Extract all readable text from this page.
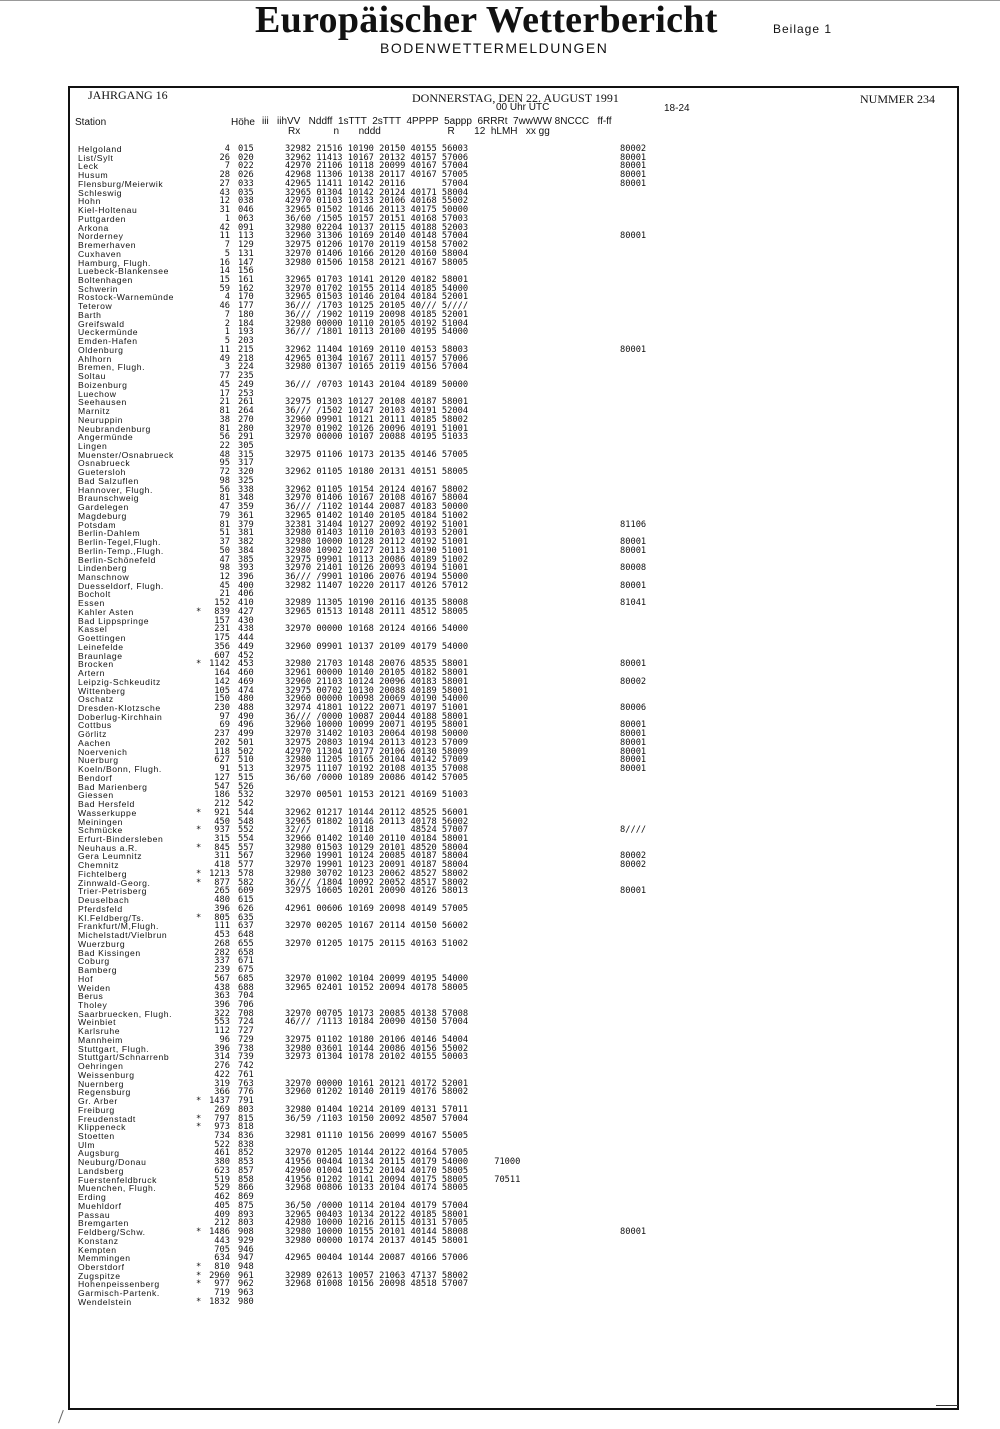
Europäischer Wetterbericht	Beilage 1
BODENWETTERMELDUNGEN
JAHRGANG 16	DONNERSTAG, DEN 22. AUGUST 1991
00 Uhr UTC
NUMMER 234
18-24
Station	Höhe iii   iihVV   Nddff  1sTTT  2sTTT  4PPPP  5appp  6RRRt  7wwWW 8NCCC   ff-ff
Rx            n       nddd                        R       12  hLMH   xx gg
Helgoland	4 015	32982 21516 10190 20150 40155 56003	80002
List/Sylt	26 020	32962 11413 10167 20132 40157 57006	80001
Leck	7 022	42970 21106 10118 20099 40167 57004	80001
Husum	28 026	42968 11306 10138 20117 40167 57005	80001
Flensburg/Meierwik	27 033	42965 11411 10142 20116       57004	80001
Schleswig	43 035	32965 01304 10142 20124 40171 58004
Hohn	12 038	42970 01103 10133 20106 40168 55002
Kiel-Holtenau	31 046	32965 01502 10146 20113 40175 50000
Puttgarden	1 063	36/60 /1505 10157 20151 40168 57003
Arkona	42 091	32980 02204 10137 20115 40188 52003
Norderney	11 113	32960 31306 10169 20140 40148 57004	80001
Bremerhaven	7 129	32975 01206 10170 20119 40158 57002
Cuxhaven	5 131	32970 01406 10166 20120 40160 58004
Hamburg, Flugh.	16 147	32980 01506 10158 20121 40167 58005
Luebeck-Blankensee	14 156
Boltenhagen	15 161	32965 01703 10141 20120 40182 58001
Schwerin	59 162	32970 01702 10155 20114 40185 54000
Rostock-Warnemünde	4 170	32965 01503 10146 20104 40184 52001
Teterow	46 177	36/// /1703 10125 20105 40/// 5////
Barth	7 180	36/// /1902 10119 20098 40185 52001
Greifswald	2 184	32980 00000 10110 20105 40192 51004
Ueckermünde	1 193	36/// /1801 10113 20100 40195 54000
Emden-Hafen	5 203
Oldenburg	11 215	32962 11404 10169 20110 40153 58003	80001
Ahlhorn	49 218	42965 01304 10167 20111 40157 57006
Bremen, Flugh.	3 224	32980 01307 10165 20119 40156 57004
Soltau	77 235
Boizenburg	45 249	36/// /0703 10143 20104 40189 50000
Luechow	17 253
Seehausen	21 261	32975 01303 10127 20108 40187 58001
Marnitz	81 264	36/// /1502 10147 20103 40191 52004
Neuruppin	38 270	32960 09901 10121 20111 40185 58002
Neubrandenburg	81 280	32970 01902 10126 20096 40191 51001
Angermünde	56 291	32970 00000 10107 20088 40195 51033
Lingen	22 305
Muenster/Osnabrueck	48 315	32975 01106 10173 20135 40146 57005
Osnabrueck	95 317
Guetersloh	72 320	32962 01105 10180 20131 40151 58005
Bad Salzuflen	98 325
Hannover, Flugh.	56 338	32962 01105 10154 20124 40167 58002
Braunschweig	81 348	32970 01406 10167 20108 40167 58004
Gardelegen	47 359	36/// /1102 10144 20087 40183 50000
Magdeburg	79 361	32965 01402 10140 20105 40184 51002
Potsdam	81 379	32381 31404 10127 20092 40192 51001	81106
Berlin-Dahlem	51 381	32980 01403 10110 20103 40193 52001
Berlin-Tegel,Flugh.	37 382	32980 10000 10128 20112 40192 51001	80001
Berlin-Temp.,Flugh.	50 384	32980 10902 10127 20113 40190 51001	80001
Berlin-Schönefeld	47 385	32975 09901 10113 20086 40189 51002
Lindenberg	98 393	32970 21401 10126 20093 40194 51001	80008
Manschnow	12 396	36/// /9901 10106 20076 40194 55000
Duesseldorf, Flugh.	45 400	32982 11407 10220 20117 40126 57012	80001
Bocholt	21 406
Essen	152 410	32989 11305 10190 20116 40135 58008	81041
Kahler Asten	*	839 427	32965 01513 10148 20111 48512 58005
Bad Lippspringe	157 430
Kassel	231 438	32970 00000 10168 20124 40166 54000
Goettingen	175 444
Leinefelde	356 449	32960 09901 10137 20109 40179 54000
Braunlage	607 452
Brocken	* 1142 453	32980 21703 10148 20076 48535 58001	80001
Artern	164 460	32961 00000 10140 20105 40182 58001
Leipzig-Schkeuditz	142 469	32960 21103 10124 20096 40183 58001	80002
Wittenberg	105 474	32975 00702 10130 20088 40189 58001
Oschatz	150 480	32960 00000 10098 20069 40190 54000
Dresden-Klotzsche	230 488	32974 41801 10122 20071 40197 51001	80006
Doberlug-Kirchhain	97 490	36/// /0000 10087 20044 40188 58001
Cottbus	69 496	32960 10000 10099 20071 40195 58001	80001
Görlitz	237 499	32970 31402 10103 20064 40198 50000	80001
Aachen	202 501	32975 20803 10194 20113 40123 57009	80001
Noervenich	118 502	42970 11304 10177 20106 40130 58009	80001
Nuerburg	627 510	32980 11205 10165 20104 40142 57009	80001
Koeln/Bonn, Flugh.	91 513	32975 11107 10192 20108 40135 57008	80001
Bendorf	127 515	36/60 /0000 10189 20086 40142 57005
Bad Marienberg	547 526
Giessen	186 532	32970 00501 10153 20121 40169 51003
Bad Hersfeld	212 542
Wasserkuppe	*	921 544	32962 01217 10144 20112 48525 56001
Meiningen	450 548	32965 01802 10146 20113 40178 56002
Schmücke	*	937 552	32///       10118       48524 57007	8////
Erfurt-Bindersleben	315 554	32966 01402 10140 20110 40184 58001
Neuhaus a.R.	*	845 557	32980 01503 10129 20101 48520 58004
Gera Leumnitz	311 567	32960 19901 10124 20085 40187 58004	80002
Chemnitz	418 577	32970 19901 10123 20091 40187 58004	80002
Fichtelberg	* 1213 578	32980 30702 10123 20062 48527 58002
Zinnwald-Georg.	*	877 582	36/// /1804 10092 20052 48517 58002
Trier-Petrisberg	265 609	32975 10605 10201 20090 40126 58013	80001
Deuselbach	480 615
Pferdsfeld	396 626	42961 00606 10169 20098 40149 57005
Kl.Feldberg/Ts.	*	805 635
Frankfurt/M,Flugh.	111 637	32970 00205 10167 20114 40150 56002
Michelstadt/Vielbrun	453 648
Wuerzburg	268 655	32970 01205 10175 20115 40163 51002
Bad Kissingen	282 658
Coburg	337 671
Bamberg	239 675
Hof	567 685	32970 01002 10104 20099 40195 54000
Weiden	438 688	32965 02401 10152 20094 40178 58005
Berus	363 704
Tholey	396 706
Saarbruecken, Flugh.	322 708	32970 00705 10173 20085 40138 57008
Weinbiet	553 724	46/// /1113 10184 20090 40150 57004
Karlsruhe	112 727
Mannheim	96 729	32975 01102 10180 20106 40146 54004
Stuttgart, Flugh.	396 738	32980 03601 10144 20086 40156 55002
Stuttgart/Schnarrenb	314 739	32973 01304 10178 20102 40155 50003
Oehringen	276 742
Weissenburg	422 761
Nuernberg	319 763	32970 00000 10161 20121 40172 52001
Regensburg	366 776	32960 01202 10140 20119 40176 58002
Gr. Arber	* 1437 791
Freiburg	269 803	32980 01404 10214 20109 40131 57011
Freudenstadt	*	797 815	36/59 /1103 10150 20092 48507 57004
Klippeneck	*	973 818
Stoetten	734 836	32981 01110 10156 20099 40167 55005
Ulm	522 838
Augsburg	461 852	32970 01205 10144 20122 40164 57005
Neuburg/Donau	380 853	41956 00404 10134 20115 40179 54000     71000
Landsberg	623 857	42960 01004 10152 20104 40170 58005
Fuerstenfeldbruck	519 858	41956 01202 10141 20094 40175 58005     70511
Muenchen, Flugh.	529 866	32968 00806 10133 20104 40174 58005
Erding	462 869
Muehldorf	405 875	36/50 /0000 10114 20104 40179 57004
Passau	409 893	32965 00403 10134 20122 40185 58001
Bremgarten	212 803	42980 10000 10216 20115 40131 57005
Feldberg/Schw.	* 1486 908	32980 10000 10155 20101 40144 58008	80001
Konstanz	443 929	32980 00000 10174 20137 40145 58001
Kempten	705 946
Memmingen	634 947	42965 00404 10144 20087 40166 57006
Oberstdorf	*	810 948
Zugspitze	* 2960 961	32989 02613 10057 21063 47137 58002
Hohenpeissenberg	*	977 962	32968 01008 10156 20098 48518 57007
Garmisch-Partenk.	719 963
Wendelstein	* 1832 980
